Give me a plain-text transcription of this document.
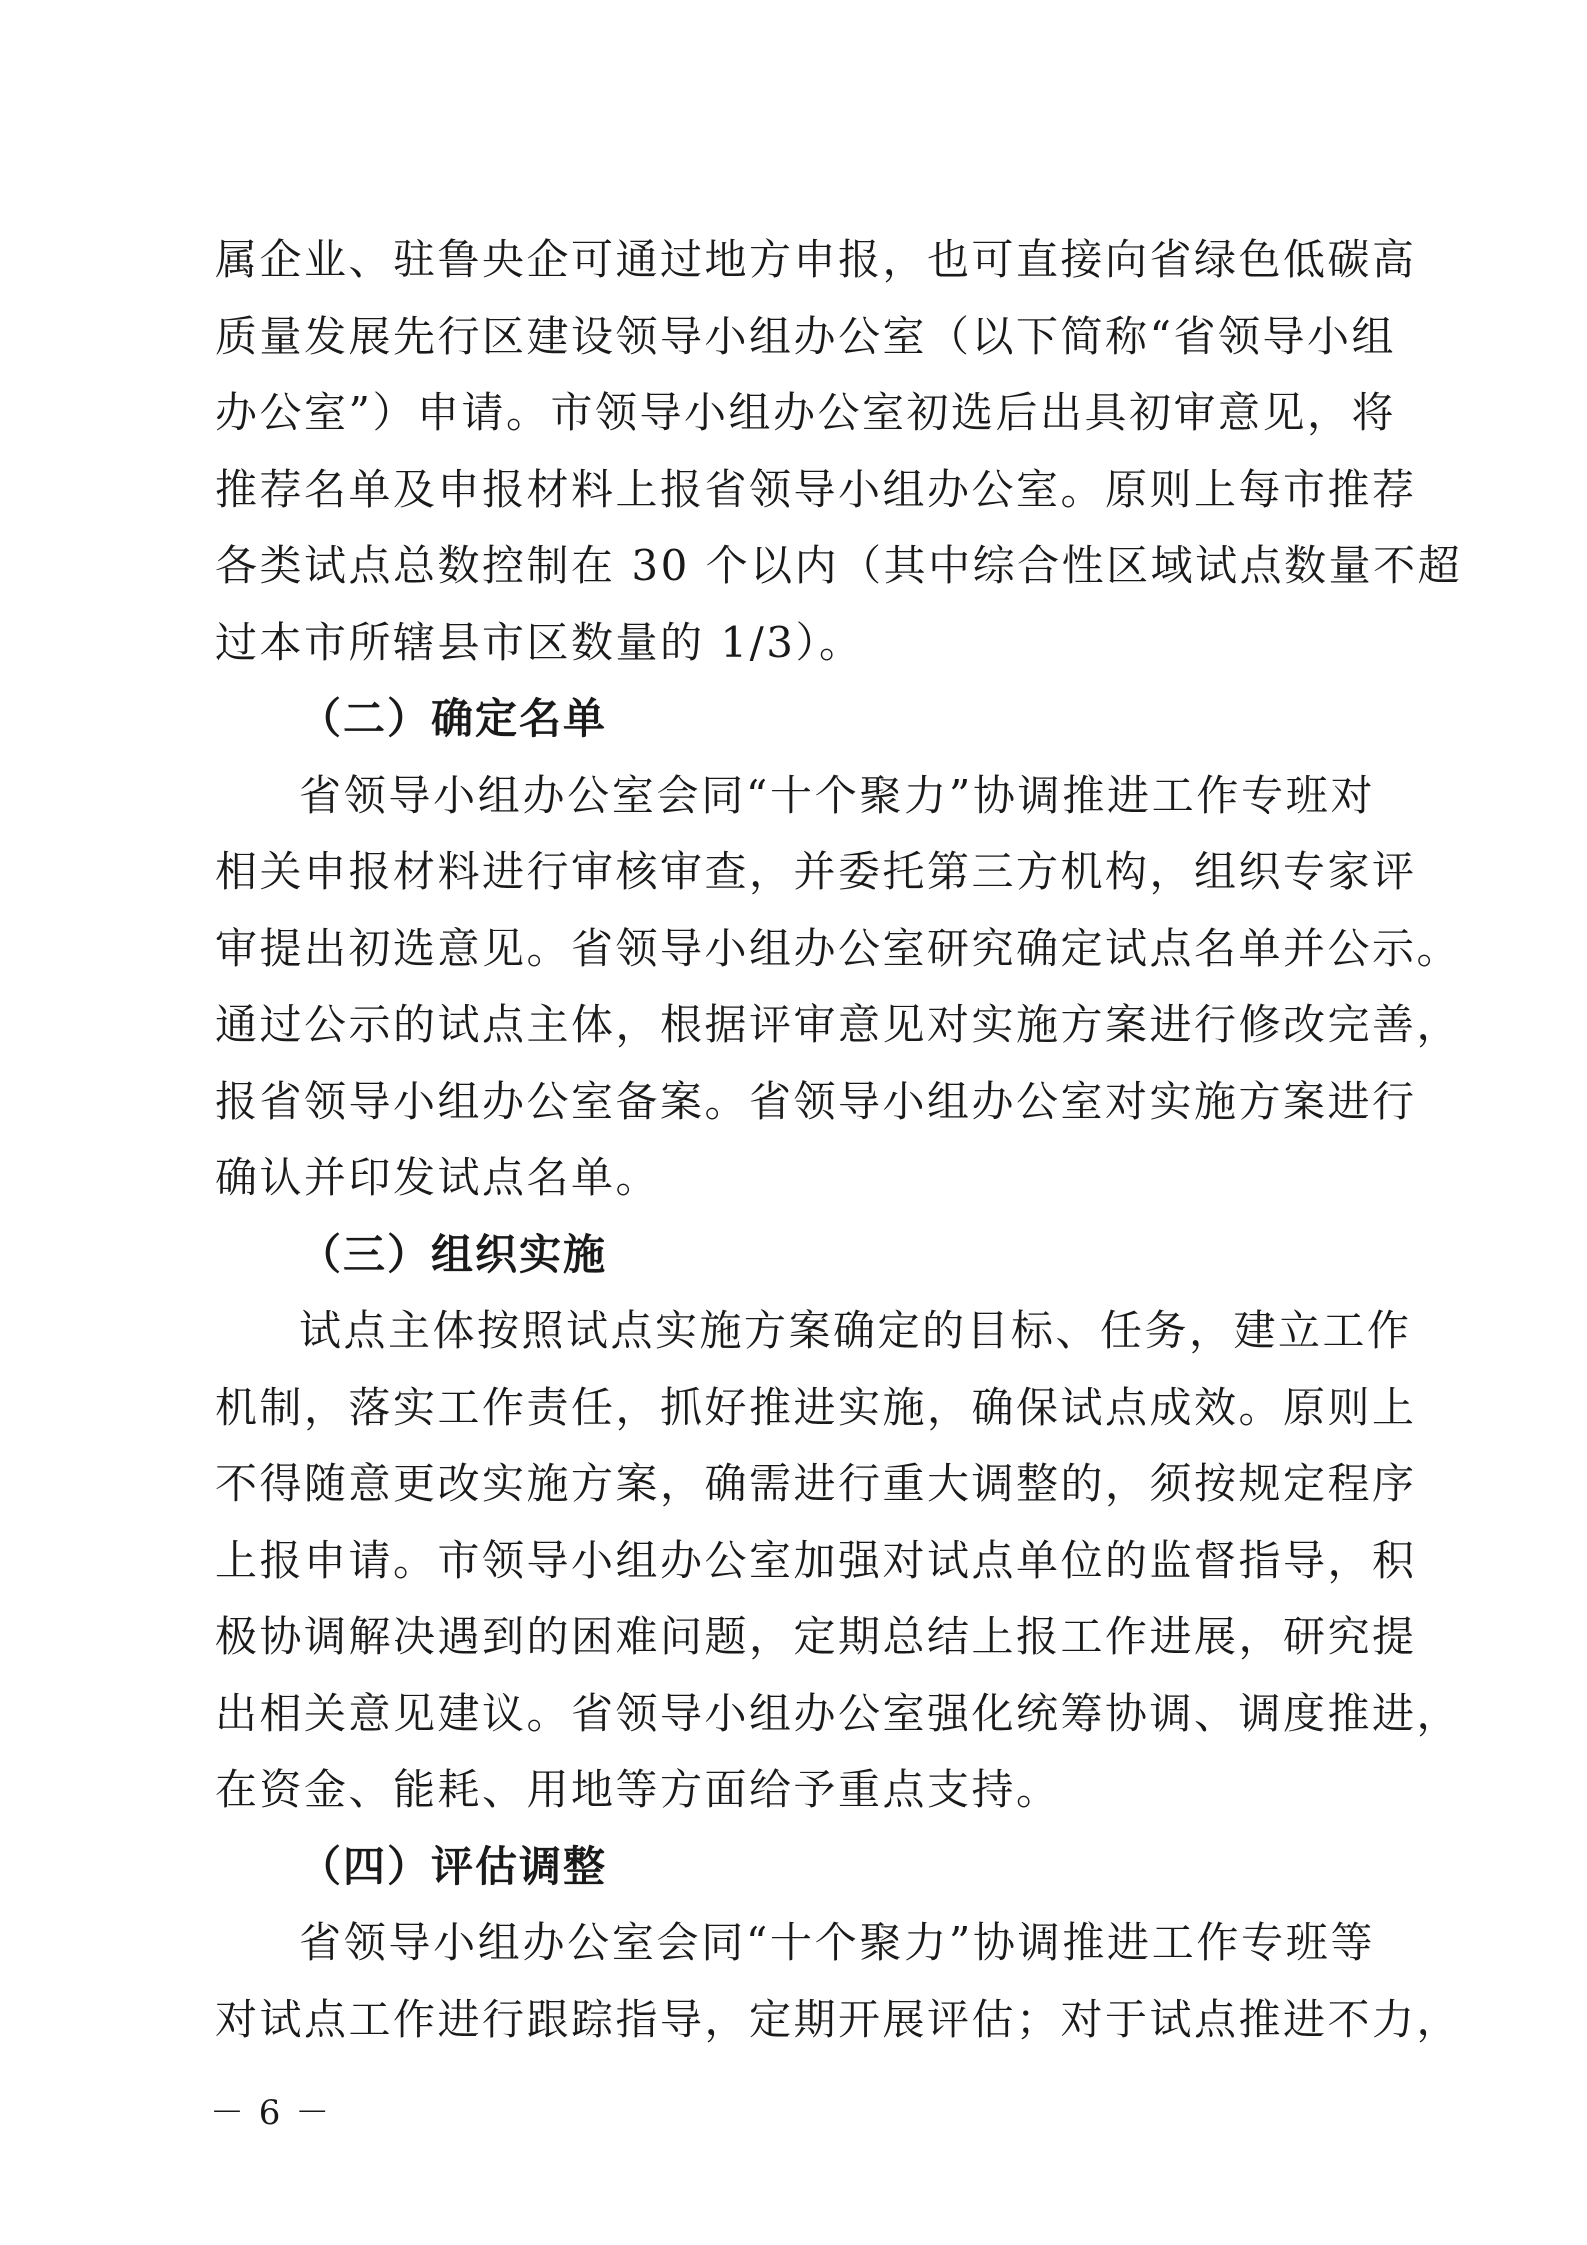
属企业、驻鲁央企可通过地方申报，也可直接向省绿色低碳高
质量发展先行区建设领导小组办公室（以下简称“省领导小组
办公室”）申请。市领导小组办公室初选后出具初审意见，将
推荐名单及申报材料上报省领导小组办公室。原则上每市推荐
各类试点总数控制在 30 个以内（其中综合性区域试点数量不超
过本市所辖县市区数量的 1/3）。
（二）确定名单
省领导小组办公室会同“十个聚力”协调推进工作专班对
相关申报材料进行审核审查，并委托第三方机构，组织专家评
审提出初选意见。省领导小组办公室研究确定试点名单并公示。
通过公示的试点主体，根据评审意见对实施方案进行修改完善，
报省领导小组办公室备案。省领导小组办公室对实施方案进行
确认并印发试点名单。
（三）组织实施
试点主体按照试点实施方案确定的目标、任务，建立工作
机制，落实工作责任，抓好推进实施，确保试点成效。原则上
不得随意更改实施方案，确需进行重大调整的，须按规定程序
上报申请。市领导小组办公室加强对试点单位的监督指导，积
极协调解决遇到的困难问题，定期总结上报工作进展，研究提
出相关意见建议。省领导小组办公室强化统筹协调、调度推进，
在资金、能耗、用地等方面给予重点支持。
（四）评估调整
省领导小组办公室会同“十个聚力”协调推进工作专班等
对试点工作进行跟踪指导，定期开展评估；对于试点推进不力，
－ 6 －
